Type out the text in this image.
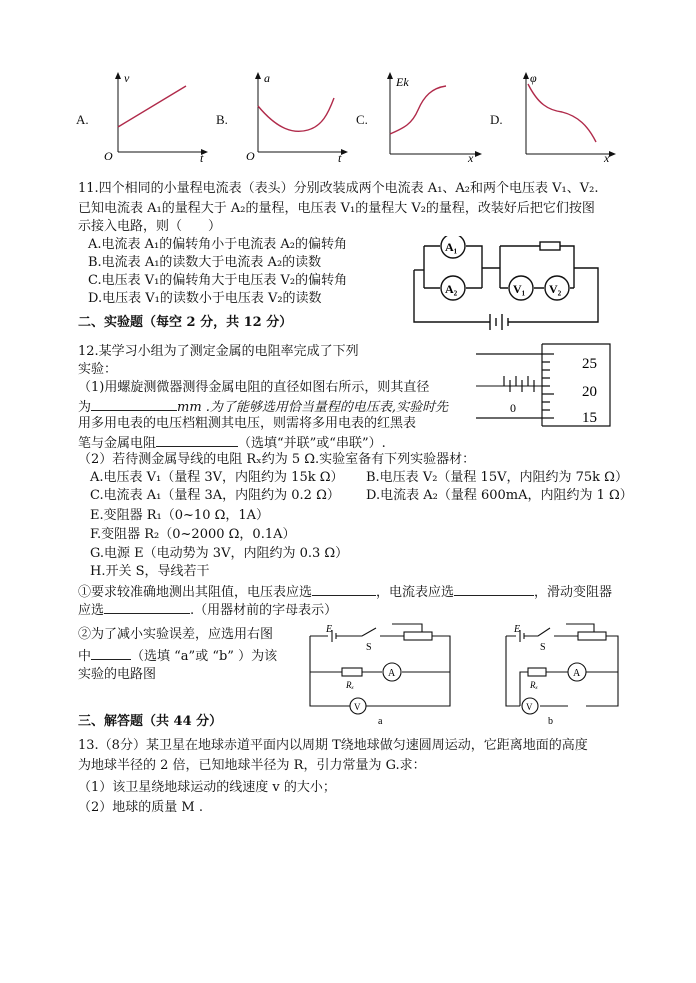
A.
v
t
O
B.
a
t
O
C.
Ek
x
D.
φ
x
11.四个相同的小量程电流表（表头）分别改装成两个电流表 A₁、A₂和两个电压表 V₁、V₂.
已知电流表 A₁的量程大于 A₂的量程，电压表 V₁的量程大 V₂的量程，改装好后把它们按图
示接入电路，则（　　）
A.电流表 A₁的偏转角小于电流表 A₂的偏转角
B.电流表 A₁的读数大于电流表 A₂的读数
C.电压表 V₁的偏转角大于电压表 V₂的偏转角
D.电压表 V₁的读数小于电压表 V₂的读数
A₁
A₂	V₁ V₂
二、实验题（每空 2 分，共 12 分）
12.某学习小组为了测定金属的电阻率完成了下列
实验：
（1)用螺旋测微器测得金属电阻的直径如图右所示，则其直径
为	mm .为了能够选用恰当量程的电压表,实验时先
用多用电表的电压档粗测其电压，则需将多用电表的红黑表
笔与金属电阻	（选填“并联”或“串联”）.
0
25
20
15
（2）若待测金属导线的电阻 Rₓ约为 5 Ω.实验室备有下列实验器材：
A.电压表 V₁（量程 3V，内阻约为 15k Ω） B.电压表 V₂（量程 15V，内阻约为 75k Ω）
C.电流表 A₁（量程 3A，内阻约为 0.2 Ω） D.电流表 A₂（量程 600mA，内阻约为 1 Ω）
E.变阻器 R₁（0~10 Ω，1A）
F.变阻器 R₂（0~2000 Ω，0.1A）
G.电源 E（电动势为 3V，内阻约为 0.3 Ω）
H.开关 S，导线若干
①要求较准确地测出其阻值，电压表应选	，电流表应选	，滑动变阻器
应选	.（用器材前的字母表示）
②为了减小实验误差，应选用右图
中	（选填 “a”或 “b” ）为该
实验的电路图
E
S
A
V
Rₓ
a
E
S
A
V
Rₓ
b
三、解答题（共 44 分）
13.（8分）某卫星在地球赤道平面内以周期 T绕地球做匀速圆周运动，它距离地面的高度
为地球半径的 2 倍，已知地球半径为 R，引力常量为 G.求：
（1）该卫星绕地球运动的线速度 v 的大小；
（2）地球的质量 M .
